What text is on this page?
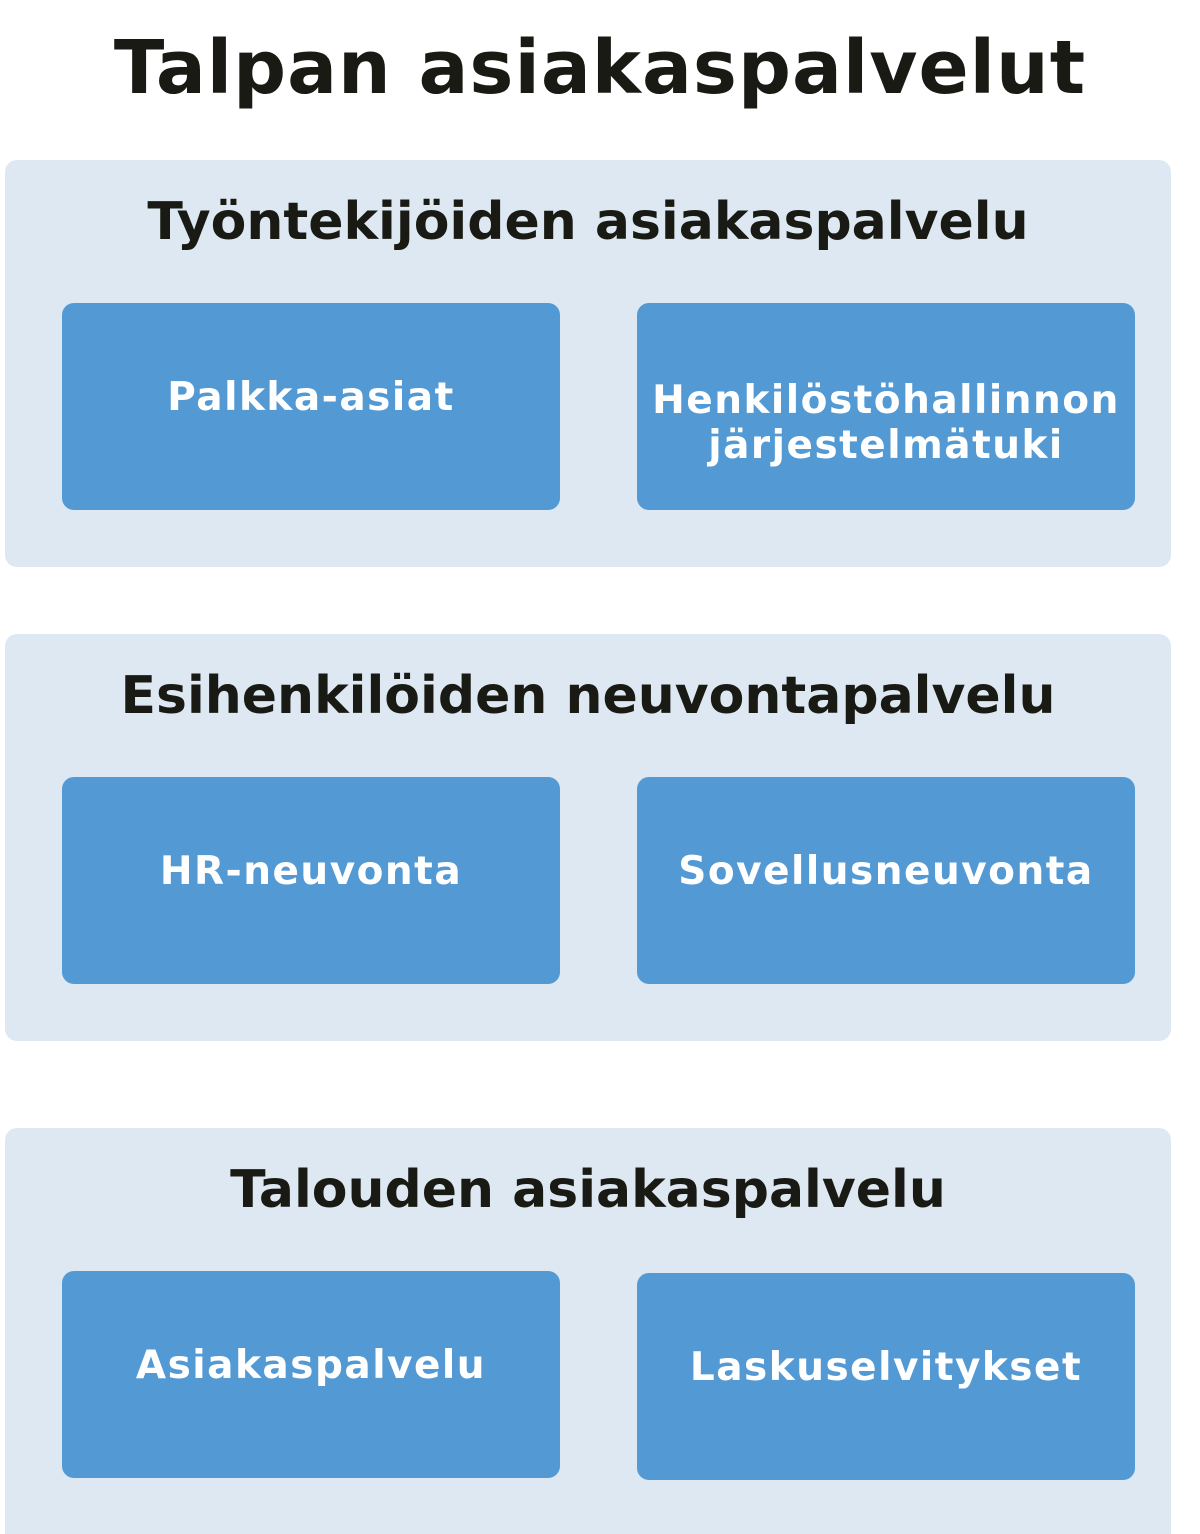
Talpan asiakaspalvelut
Työntekijöiden asiakaspalvelu
Palkka-asiat	Henkilöstöhallinnon
järjestelmätuki
Esihenkilöiden neuvontapalvelu
HR-neuvonta	Sovellusneuvonta
Talouden asiakaspalvelu
Asiakaspalvelu	Laskuselvitykset
